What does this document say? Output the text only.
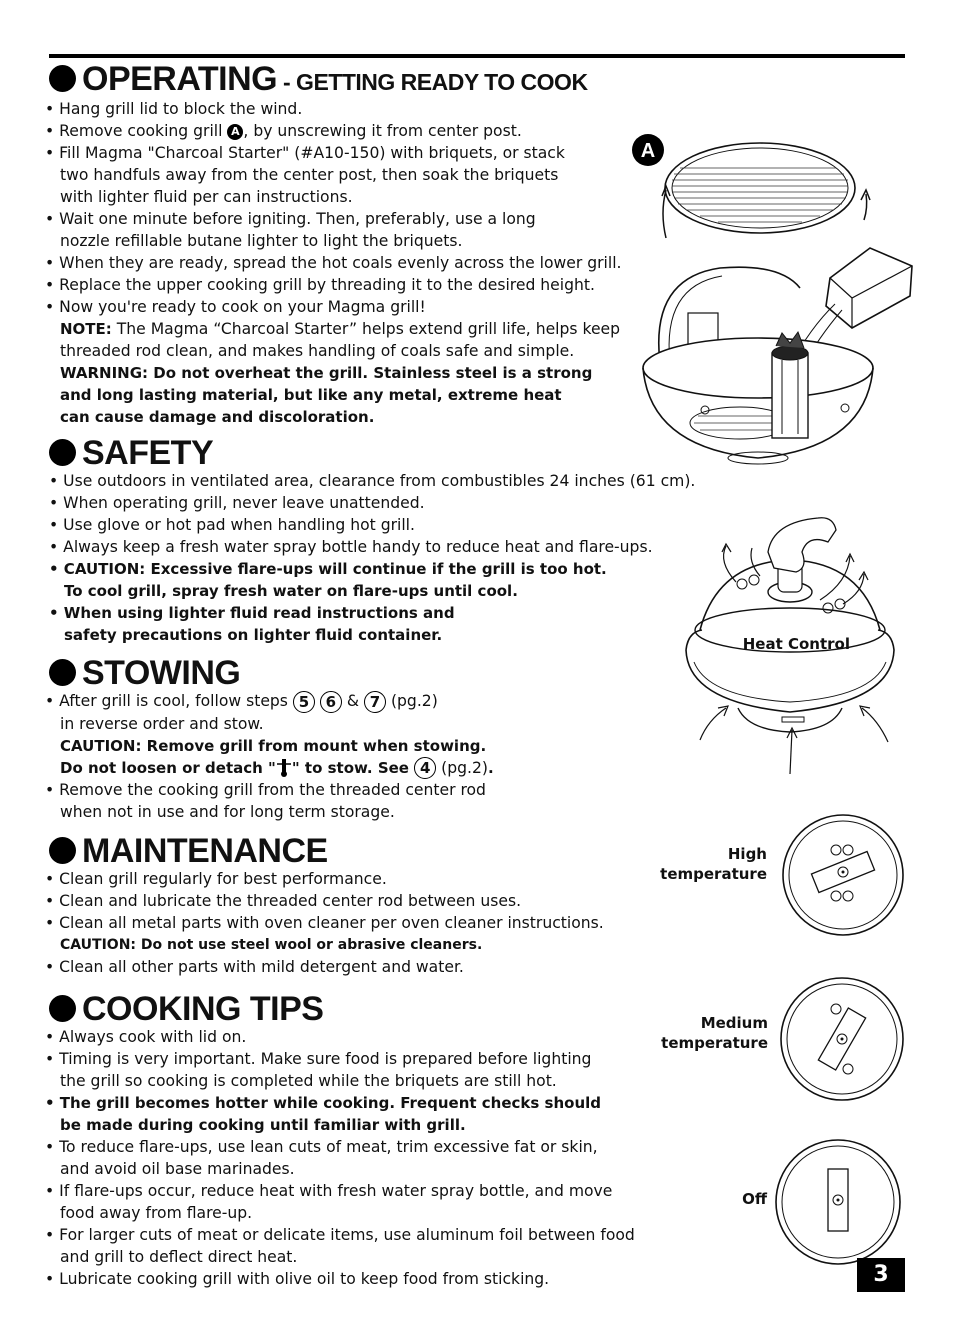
OPERATING - GETTING READY TO COOK

• Hang grill lid to block the wind.

• Remove cooking grill A , by unscrewing it from center post.

• Fill Magma "Charcoal Starter" (#A10-150) with briquets, or stack

two handfuls away from the center post, then soak the briquets

with lighter fluid per can instructions.

• Wait one minute before igniting. Then, preferably, use a long

nozzle refillable butane lighter to light the briquets.

• When they are ready, spread the hot coals evenly across the lower grill.

• Replace the upper cooking grill by threading it to the desired height.

• Now you're ready to cook on your Magma grill!

NOTE: The Magma “Charcoal Starter” helps extend grill life, helps keep

threaded rod clean, and makes handling of coals safe and simple.

WARNING: Do not overheat the grill. Stainless steel is a strong

and long lasting material, but like any metal, extreme heat

can cause damage and discoloration.

A
SAFETY

• Use outdoors in ventilated area, clearance from combustibles 24 inches (61 cm).

• When operating grill, never leave unattended.

• Use glove or hot pad when handling hot grill.

• Always keep a fresh water spray bottle handy to reduce heat and flare-ups.

• CAUTION: Excessive flare-ups will continue if the grill is too hot.

To cool grill, spray fresh water on flare-ups until cool.

• When using lighter fluid read instructions and

safety precautions on lighter fluid container.	Heat Control
STOWING

• After grill is cool, follow steps 5 6 & 7 (pg.2)

in reverse order and stow.

CAUTION: Remove grill from mount when stowing.

Do not loosen or detach " " to stow. See 4 (pg.2).

• Remove the cooking grill from the threaded center rod

when not in use and for long term storage.

MAINTENANCE

• Clean grill regularly for best performance.

• Clean and lubricate the threaded center rod between uses.

• Clean all metal parts with oven cleaner per oven cleaner instructions.

CAUTION: Do not use steel wool or abrasive cleaners.

• Clean all other parts with mild detergent and water.

High
temperature
COOKING TIPS

• Always cook with lid on.

• Timing is very important. Make sure food is prepared before lighting

the grill so cooking is completed while the briquets are still hot.

• The grill becomes hotter while cooking. Frequent checks should

be made during cooking until familiar with grill.

• To reduce flare-ups, use lean cuts of meat, trim excessive fat or skin,

and avoid oil base marinades.

• If flare-ups occur, reduce heat with fresh water spray bottle, and move

food away from flare-up.

• For larger cuts of meat or delicate items, use aluminum foil between food

and grill to deflect direct heat.

• Lubricate cooking grill with olive oil to keep food from sticking.

Medium
temperature
Off
3
